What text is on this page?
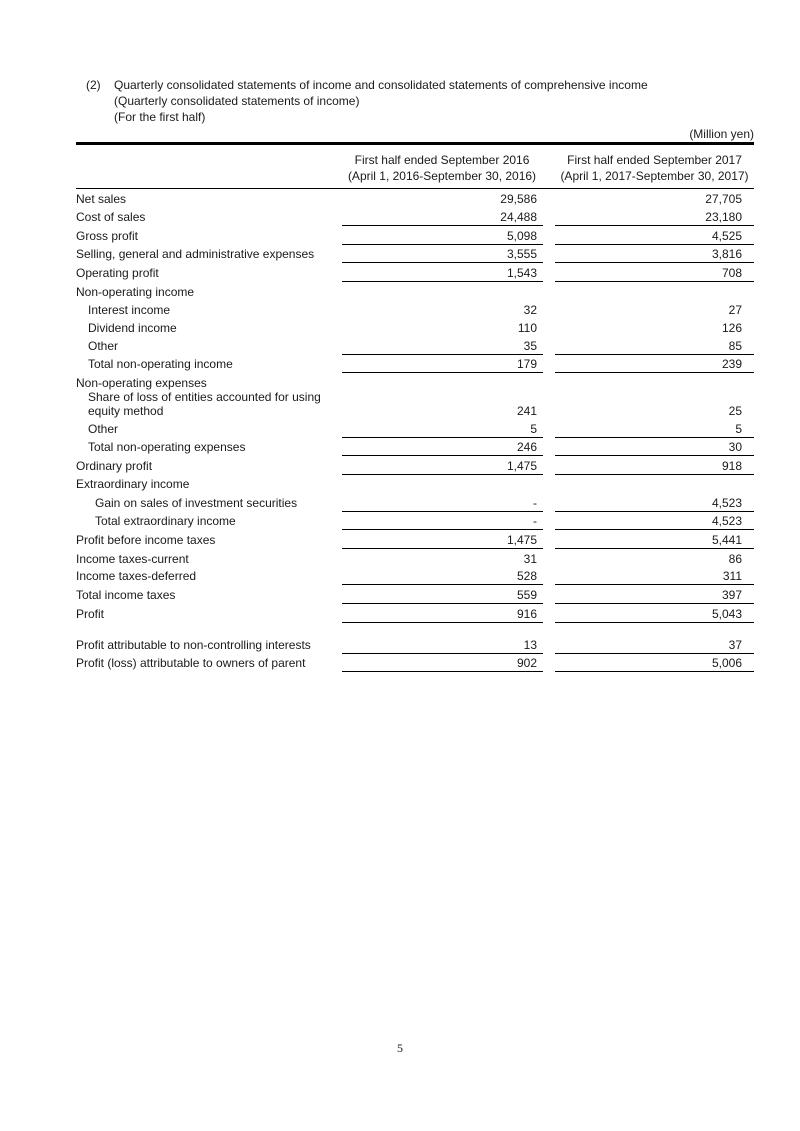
(2) Quarterly consolidated statements of income and consolidated statements of comprehensive income
(Quarterly consolidated statements of income)
(For the first half)
(Million yen)
First half ended September 2016
(April 1, 2016-September 30, 2016)
First half ended September 2017
(April 1, 2017-September 30, 2017)
Net sales	29,586	27,705
Cost of sales	24,488	23,180
Gross profit	5,098	4,525
Selling, general and administrative expenses	3,555	3,816
Operating profit	1,543	708
Non-operating income
Interest income	32	27
Dividend income	110	126
Other	35	85
Total non-operating income	179	239
Non-operating expenses
Share of loss of entities accounted for using
equity method	241	25
Other	5	5
Total non-operating expenses	246	30
Ordinary profit	1,475	918
Extraordinary income
Gain on sales of investment securities	-	4,523
Total extraordinary income	-	4,523
Profit before income taxes	1,475	5,441
Income taxes-current	31	86
Income taxes-deferred	528	311
Total income taxes	559	397
Profit	916	5,043
Profit attributable to non-controlling interests	13	37
Profit (loss) attributable to owners of parent	902	5,006
5
